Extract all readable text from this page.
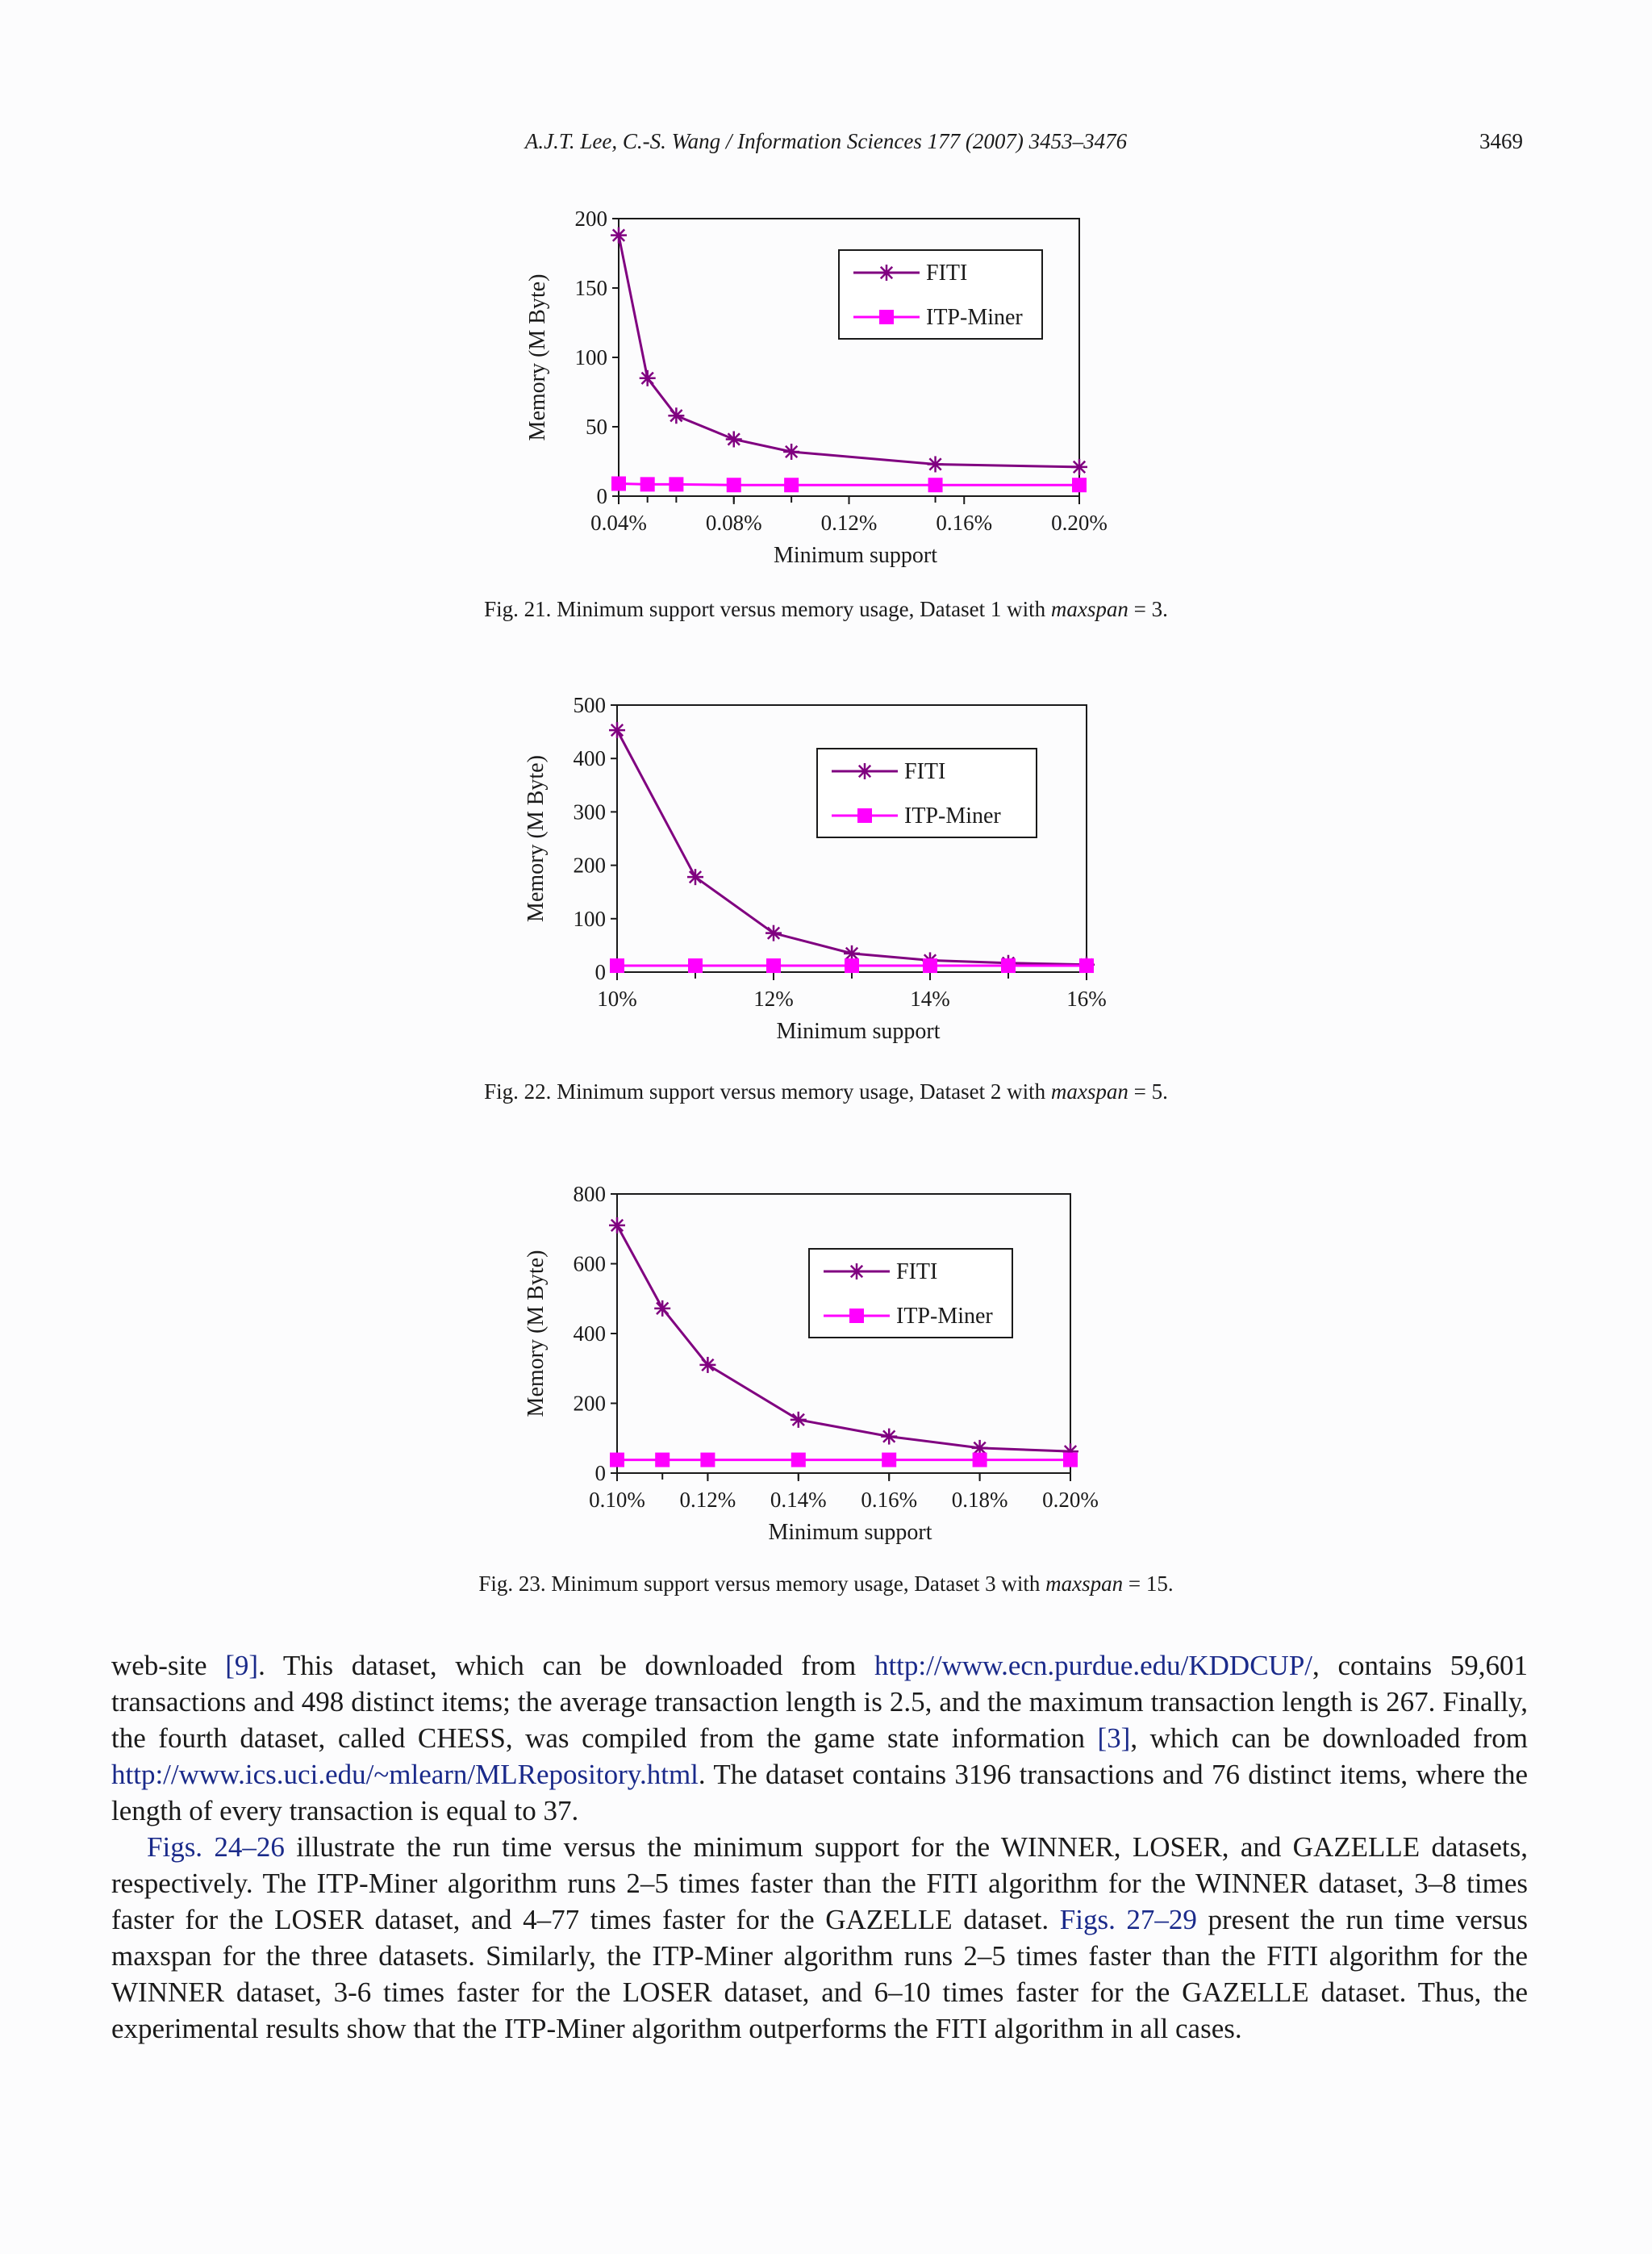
A.J.T. Lee, C.-S. Wang / Information Sciences 177 (2007) 3453–3476	3469
0
50
100
150
200
0.04%	0.08%	0.12%	0.16%	0.20%
Minimum support
Memory (M Byte)
FITI
ITP-Miner
Fig. 21. Minimum support versus memory usage, Dataset 1 with maxspan = 3.
0
100
200
300
400
500
10%	12%	14%	16%
Minimum support
Memory (M Byte)	FITI
ITP-Miner
Fig. 22. Minimum support versus memory usage, Dataset 2 with maxspan = 5.
0
200
400
600
800
0.10% 0.12% 0.14% 0.16% 0.18% 0.20%
Minimum support
Memory (M Byte)	FITI
ITP-Miner
Fig. 23. Minimum support versus memory usage, Dataset 3 with maxspan = 15.

web-site [9]. This dataset, which can be downloaded from http://www.ecn.purdue.edu/KDDCUP/, contains 59,601 transactions and 498 distinct items; the average transaction length is 2.5, and the maximum transaction length is 267. Finally, the fourth dataset, called CHESS, was compiled from the game state information [3], which can be downloaded from http://www.ics.uci.edu/~mlearn/MLRepository.html. The dataset contains 3196 transactions and 76 distinct items, where the length of every transaction is equal to 37.

Figs. 24–26 illustrate the run time versus the minimum support for the WINNER, LOSER, and GAZELLE datasets, respectively. The ITP-Miner algorithm runs 2–5 times faster than the FITI algorithm for the WINNER dataset, 3–8 times faster for the LOSER dataset, and 4–77 times faster for the GAZELLE dataset. Figs. 27–29 present the run time versus maxspan for the three datasets. Similarly, the ITP-Miner algorithm runs 2–5 times faster than the FITI algorithm for the WINNER dataset, 3-6 times faster for the LOSER dataset, and 6–10 times faster for the GAZELLE dataset. Thus, the experimental results show that the ITP-Miner algorithm outperforms the FITI algorithm in all cases.
